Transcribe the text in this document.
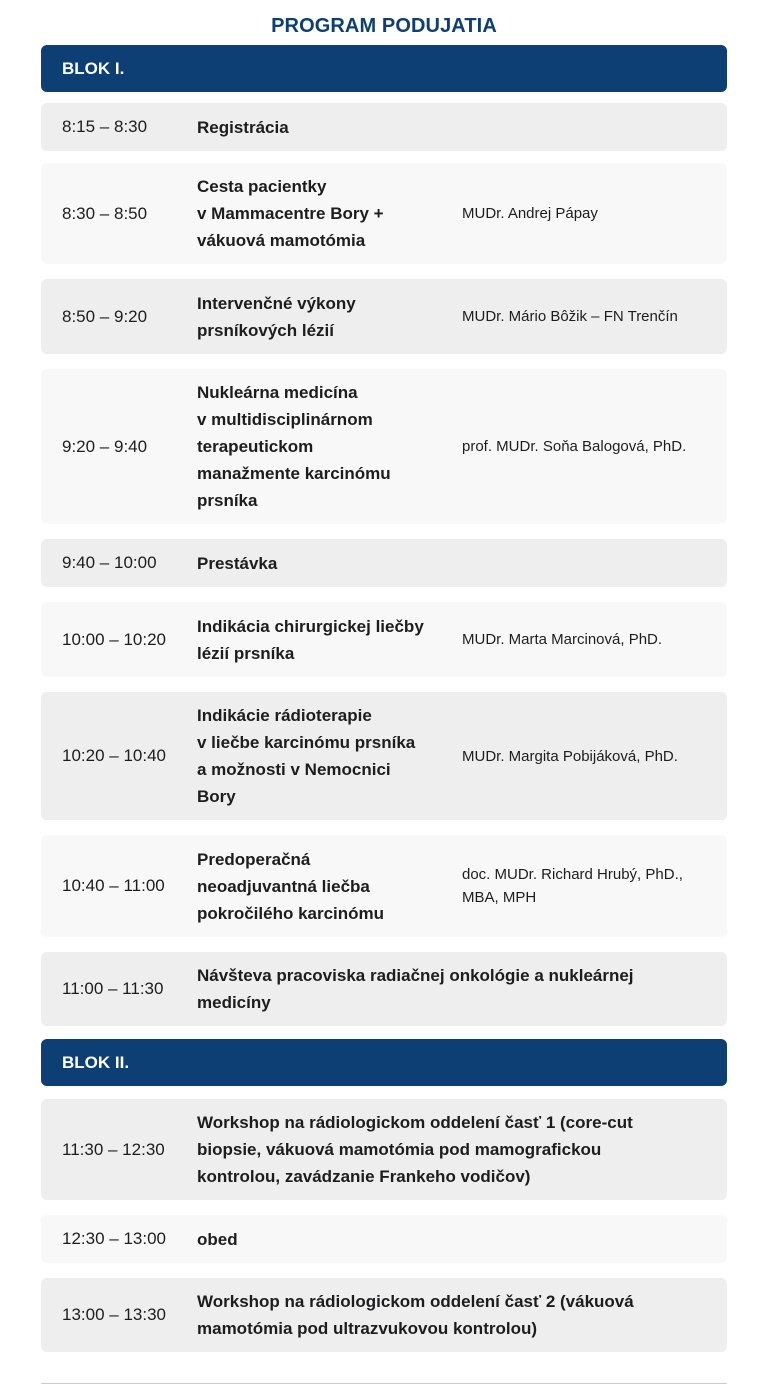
PROGRAM PODUJATIA
BLOK I.
8:15 – 8:30	Registrácia
8:30 – 8:50
Cesta pacientky
v Mammacentre Bory +
vákuová mamotómia
MUDr. Andrej Pápay
8:50 – 9:20
Intervenčné výkony
prsníkových lézií
MUDr. Mário Bôžik – FN Trenčín
9:20 – 9:40
Nukleárna medicína
v multidisciplinárnom
terapeutickom
manažmente karcinómu
prsníka
prof. MUDr. Soňa Balogová, PhD.
9:40 – 10:00 Prestávka
10:00 – 10:20
Indikácia chirurgickej liečby
lézií prsníka
MUDr. Marta Marcinová, PhD.
10:20 – 10:40
Indikácie rádioterapie
v liečbe karcinómu prsníka
a možnosti v Nemocnici
Bory
MUDr. Margita Pobijáková, PhD.
10:40 – 11:00
Predoperačná
neoadjuvantná liečba
pokročilého karcinómu
doc. MUDr. Richard Hrubý, PhD.,
MBA, MPH
11:00 – 11:30
Návšteva pracoviska radiačnej onkológie a nukleárnej
medicíny
BLOK II.
11:30 – 12:30
Workshop na rádiologickom oddelení časť 1 (core-cut
biopsie, vákuová mamotómia pod mamografickou
kontrolou, zavádzanie Frankeho vodičov)
12:30 – 13:00 obed
13:00 – 13:30
Workshop na rádiologickom oddelení časť 2 (vákuová
mamotómia pod ultrazvukovou kontrolou)
